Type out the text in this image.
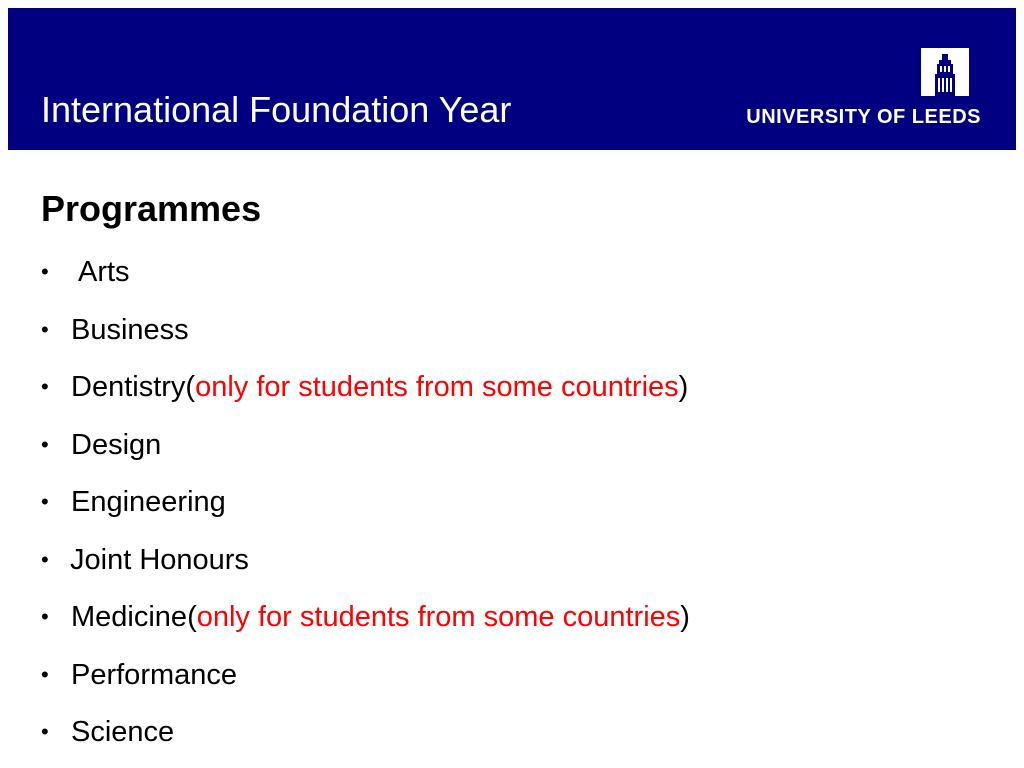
International Foundation Year	UNIVERSITY OF LEEDS
Programmes
•	Arts
• Business
• Dentistry ( only for students from some countries )
• Design
• Engineering
• Joint Honours
• Medicine ( only for students from some countries )
• Performance
• Science
